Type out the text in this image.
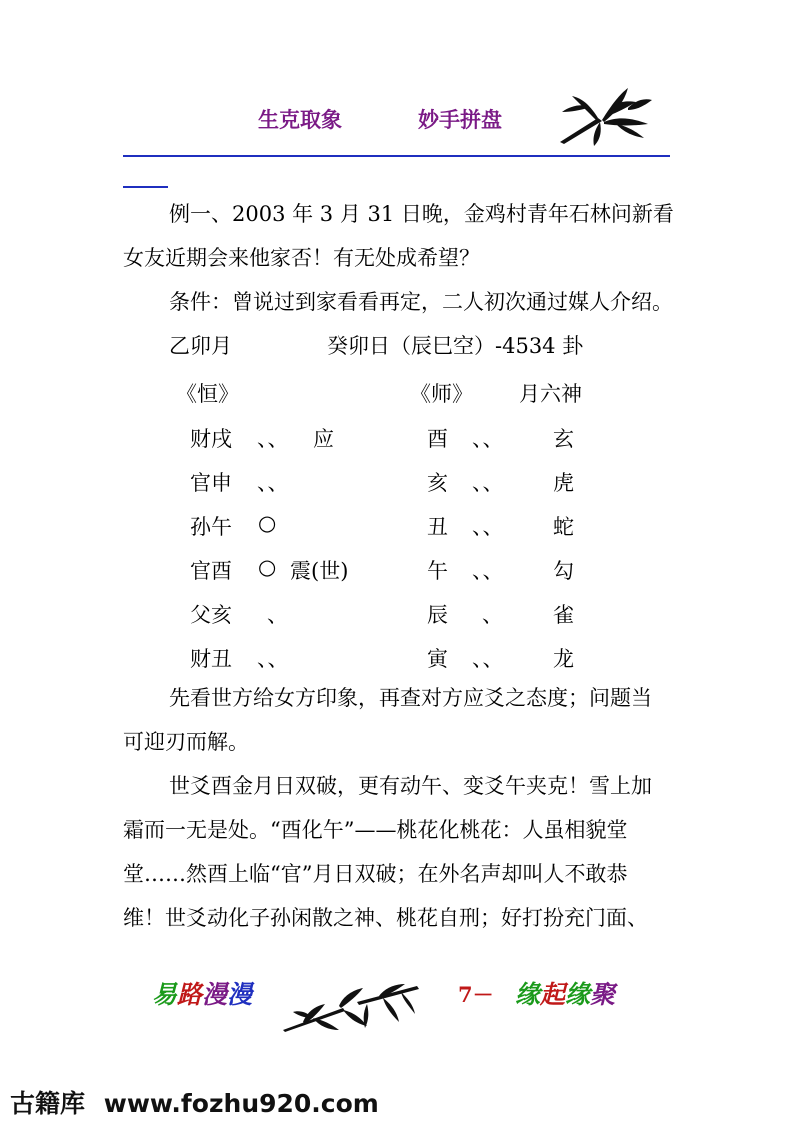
生克取象	妙手拼盘
例一、2003 年 3 月 31 日晚，金鸡村青年石林问新看
女友近期会来他家否！有无处成希望？
条件：曾说过到家看看再定，二人初次通过媒人介绍。
乙卯月	癸卯日（辰巳空）-4534 卦
《恒》	《师》 月六神
财戌 、、 应	酉 、、 玄
官申 、、	亥 、、 虎
孙午 ○	丑 、、 蛇
官酉 ○ 震(世)	午 、、 勾
父亥 、	辰 、 雀
财丑 、、	寅 、、 龙
先看世方给女方印象，再查对方应爻之态度；问题当
可迎刃而解。
世爻酉金月日双破，更有动午、变爻午夹克！雪上加
霜而一无是处。“酉化午”——桃花化桃花：人虽相貌堂
堂……然酉上临“官”月日双破；在外名声却叫人不敢恭
维！世爻动化子孙闲散之神、桃花自刑；好打扮充门面、
易路漫漫	7－ 缘起缘聚
古籍库 www.fozhu920.com
